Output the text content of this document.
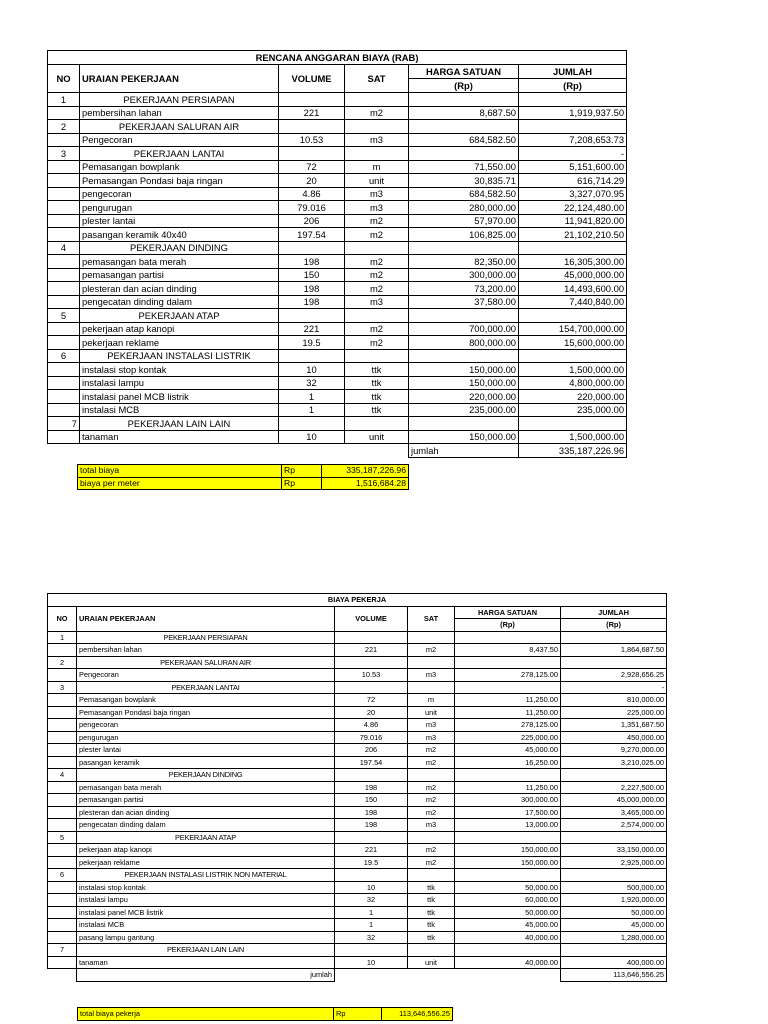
RENCANA ANGGARAN BIAYA (RAB)					
NO	URAIAN PEKERJAAN	VOLUME	SAT	HARGA SATUAN	JUMLAH
				(Rp)	(Rp)
1	PEKERJAAN PERSIAPAN				
	pembersihan lahan	221	m2	8,687.50	1,919,937.50
2	PEKERJAAN SALURAN AIR				
	Pengecoran	10.53	m3	684,582.50	7,208,653.73
3	PEKERJAAN LANTAI				-
	Pemasangan bowplank	72	m	71,550.00	5,151,600.00
	Pemasangan Pondasi baja ringan	20	unit	30,835.71	616,714.29
	pengecoran	4.86	m3	684,582.50	3,327,070.95
	pengurugan	79.016	m3	280,000.00	22,124,480.00
	plester lantai	206	m2	57,970.00	11,941,820.00
	pasangan keramik 40x40	197.54	m2	106,825.00	21,102,210.50
4	PEKERJAAN DINDING				
	pemasangan bata merah	198	m2	82,350.00	16,305,300.00
	pemasangan partisi	150	m2	300,000.00	45,000,000.00
	plesteran dan acian dinding	198	m2	73,200.00	14,493,600.00
	pengecatan dinding dalam	198	m3	37,580.00	7,440,840.00
5	PEKERJAAN ATAP				
	pekerjaan atap kanopi	221	m2	700,000.00	154,700,000.00
	pekerjaan reklame	19.5	m2	800,000.00	15,600,000.00
6	PEKERJAAN INSTALASI LISTRIK				
	instalasi stop kontak	10	ttk	150,000.00	1,500,000.00
	instalasi lampu	32	ttk	150,000.00	4,800,000.00
	instalasi panel MCB listrik	1	ttk	220,000.00	220,000.00
	instalasi MCB	1	ttk	235,000.00	235,000.00
7	PEKERJAAN LAIN LAIN				
	tanaman	10	unit	150,000.00	1,500,000.00
				jumlah	335,187,226.96
total biaya	Rp	335,187,226.96
biaya per meter	Rp	1,516,684.28
BIAYA PEKERJA					
NO	URAIAN PEKERJAAN	VOLUME	SAT	HARGA SATUAN	JUMLAH
				(Rp)	(Rp)
1	PEKERJAAN PERSIAPAN				
	pembersihan lahan	221	m2	8,437.50	1,864,687.50
2	PEKERJAAN SALURAN AIR				
	Pengecoran	10.53	m3	278,125.00	2,928,656.25
3	PEKERJAAN LANTAI				-
	Pemasangan bowplank	72	m	11,250.00	810,000.00
	Pemasangan Pondasi baja ringan	20	unit	11,250.00	225,000.00
	pengecoran	4.86	m3	278,125.00	1,351,687.50
	pengurugan	79.016	m3	225,000.00	450,000.00
	plester lantai	206	m2	45,000.00	9,270,000.00
	pasangan keramik	197.54	m2	16,250.00	3,210,025.00
4	PEKERJAAN DINDING				
	pemasangan bata merah	198	m2	11,250.00	2,227,500.00
	pemasangan partisi	150	m2	300,000.00	45,000,000.00
	plesteran dan acian dinding	198	m2	17,500.00	3,465,000.00
	pengecatan dinding dalam	198	m3	13,000.00	2,574,000.00
5	PEKERJAAN ATAP				
	pekerjaan atap kanopi	221	m2	150,000.00	33,150,000.00
	pekerjaan reklame	19.5	m2	150,000.00	2,925,000.00
6	PEKERJAAN INSTALASI LISTRIK NON MATERIAL				
	instalasi stop kontak	10	ttk	50,000.00	500,000.00
	instalasi lampu	32	ttk	60,000.00	1,920,000.00
	instalasi panel MCB listrik	1	ttk	50,000.00	50,000.00
	instalasi MCB	1	ttk	45,000.00	45,000.00
	pasang lampu gantung	32	ttk	40,000.00	1,280,000.00
7	PEKERJAAN LAIN LAIN				
	tanaman	10	unit	40,000.00	400,000.00
	jumlah				113,646,556.25
total biaya pekerja	Rp	113,646,556.25
